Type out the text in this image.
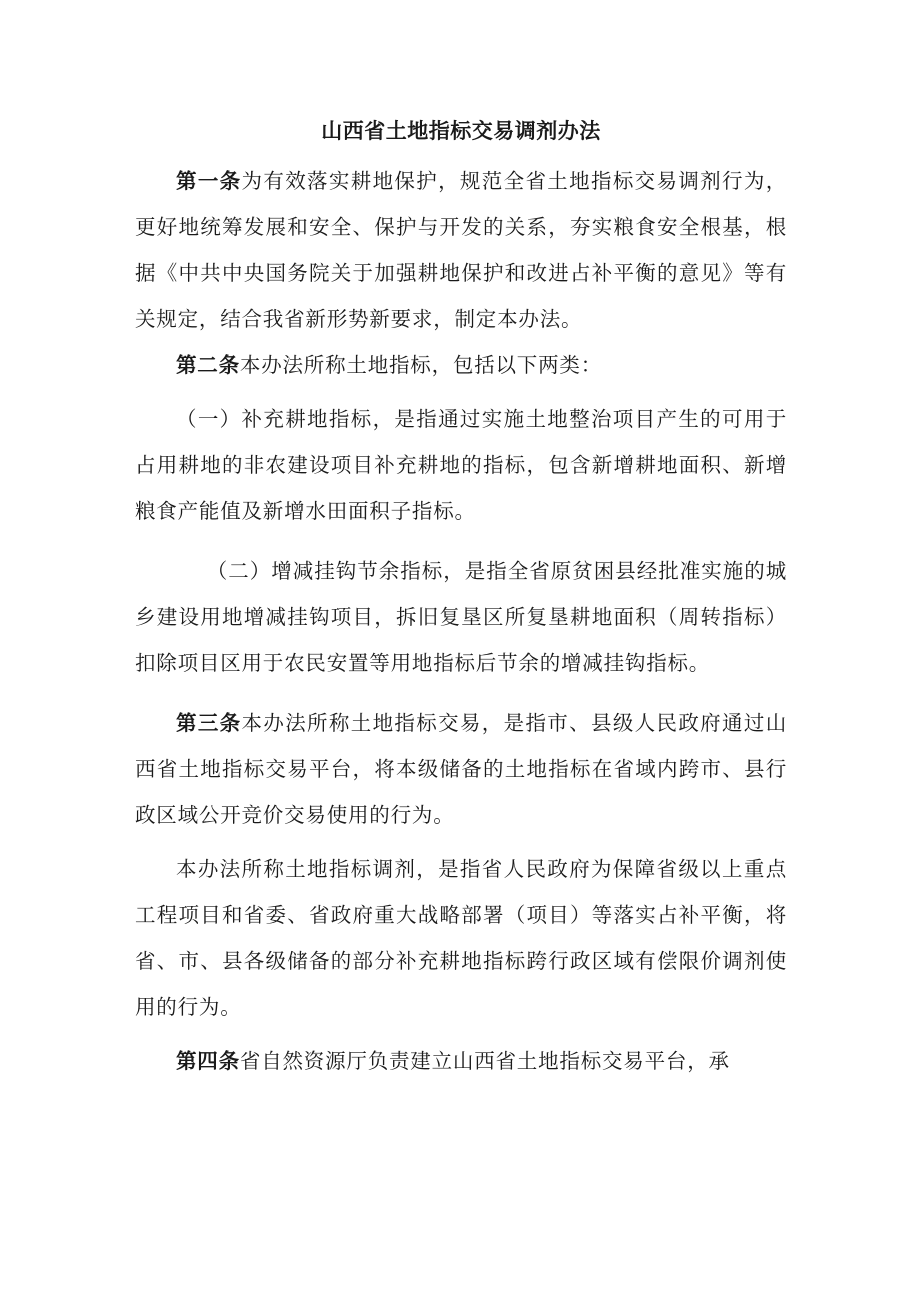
山西省土地指标交易调剂办法

第一条为有效落实耕地保护，规范全省土地指标交易调剂行为，更好地统筹发展和安全、保护与开发的关系，夯实粮食安全根基，根据《中共中央国务院关于加强耕地保护和改进占补平衡的意见》等有关规定，结合我省新形势新要求，制定本办法。

第二条本办法所称土地指标，包括以下两类：

（一）补充耕地指标，是指通过实施土地整治项目产生的可用于占用耕地的非农建设项目补充耕地的指标，包含新增耕地面积、新增粮食产能值及新增水田面积子指标。

（二）增减挂钩节余指标，是指全省原贫困县经批准实施的城乡建设用地增减挂钩项目，拆旧复垦区所复垦耕地面积（周转指标）扣除项目区用于农民安置等用地指标后节余的增减挂钩指标。

第三条本办法所称土地指标交易，是指市、县级人民政府通过山西省土地指标交易平台，将本级储备的土地指标在省域内跨市、县行政区域公开竞价交易使用的行为。

本办法所称土地指标调剂，是指省人民政府为保障省级以上重点工程项目和省委、省政府重大战略部署（项目）等落实占补平衡，将省、市、县各级储备的部分补充耕地指标跨行政区域有偿限价调剂使用的行为。

第四条省自然资源厅负责建立山西省土地指标交易平台，承
